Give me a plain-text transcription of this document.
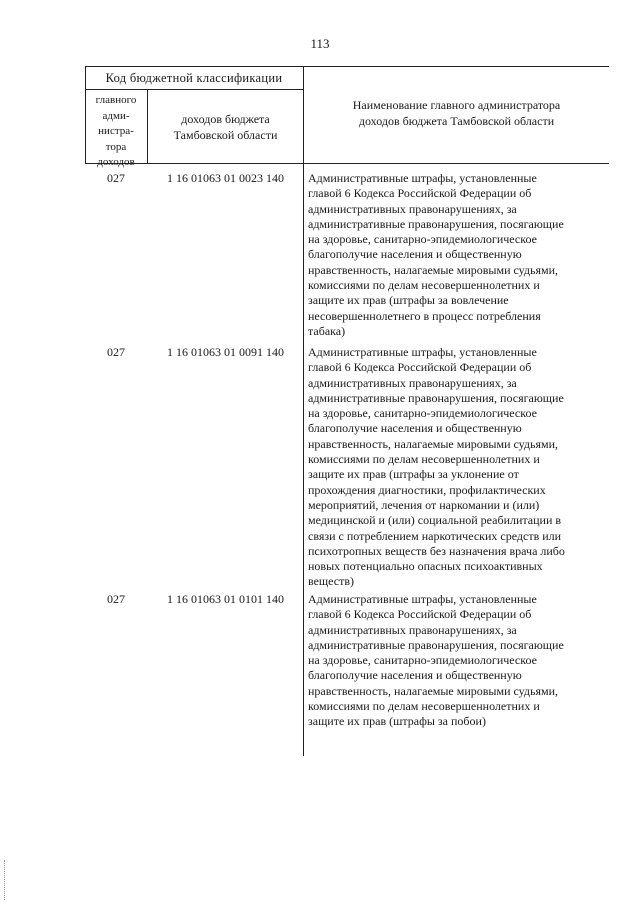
113
Код бюджетной классификации
главного
адми-
нистра-
тора
доходов
доходов бюджета
Тамбовской области
Наименование главного администратора
доходов бюджета Тамбовской области
027	1 16 01063 01 0023 140	Административные штрафы, установленные
главой 6 Кодекса Российской Федерации об
административных правонарушениях, за
административные правонарушения, посягающие
на здоровье, санитарно-эпидемиологическое
благополучие населения и общественную
нравственность, налагаемые мировыми судьями,
комиссиями по делам несовершеннолетних и
защите их прав (штрафы за вовлечение
несовершеннолетнего в процесс потребления
табака)
027	1 16 01063 01 0091 140	Административные штрафы, установленные
главой 6 Кодекса Российской Федерации об
административных правонарушениях, за
административные правонарушения, посягающие
на здоровье, санитарно-эпидемиологическое
благополучие населения и общественную
нравственность, налагаемые мировыми судьями,
комиссиями по делам несовершеннолетних и
защите их прав (штрафы за уклонение от
прохождения диагностики, профилактических
мероприятий, лечения от наркомании и (или)
медицинской и (или) социальной реабилитации в
связи с потреблением наркотических средств или
психотропных веществ без назначения врача либо
новых потенциально опасных психоактивных
веществ)
027	1 16 01063 01 0101 140	Административные штрафы, установленные
главой 6 Кодекса Российской Федерации об
административных правонарушениях, за
административные правонарушения, посягающие
на здоровье, санитарно-эпидемиологическое
благополучие населения и общественную
нравственность, налагаемые мировыми судьями,
комиссиями по делам несовершеннолетних и
защите их прав (штрафы за побои)
